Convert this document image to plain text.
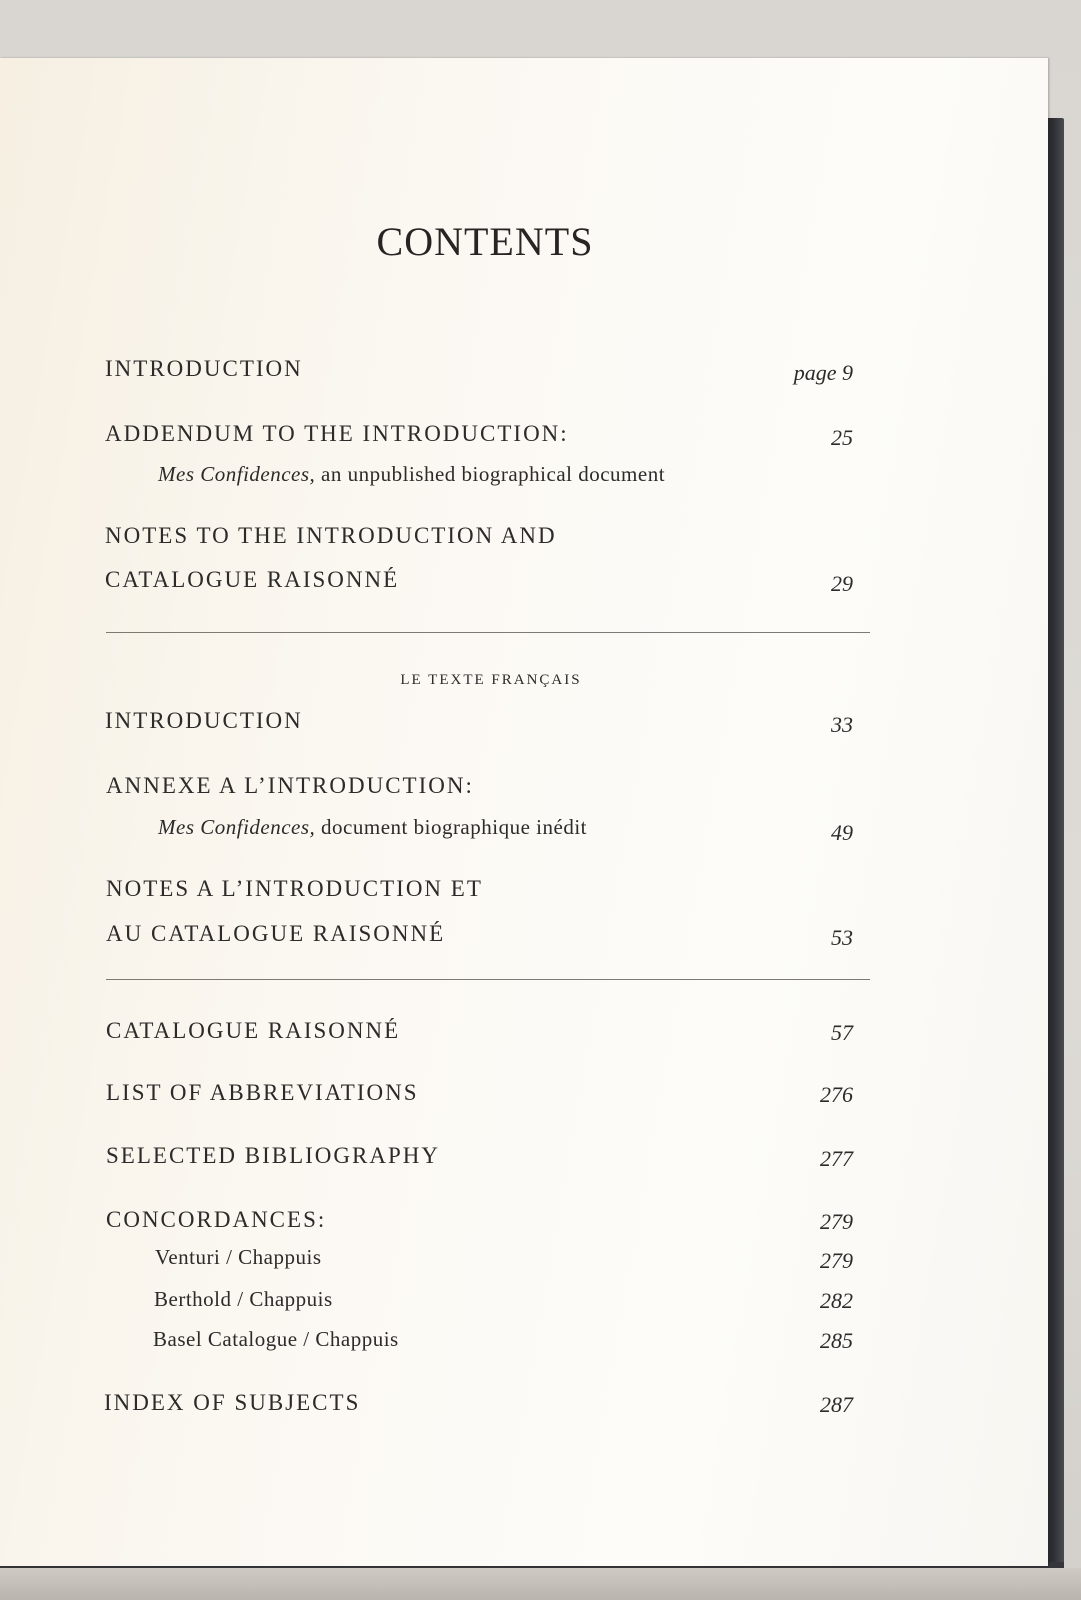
CONTENTS
INTRODUCTION	page 9
ADDENDUM TO THE INTRODUCTION:	25
Mes Confidences, an unpublished biographical document
NOTES TO THE INTRODUCTION AND
CATALOGUE RAISONNÉ	29
LE TEXTE FRANÇAIS
INTRODUCTION	33
ANNEXE A L’INTRODUCTION:
Mes Confidences, document biographique inédit	49
NOTES A L’INTRODUCTION ET
AU CATALOGUE RAISONNÉ	53
CATALOGUE RAISONNÉ	57
LIST OF ABBREVIATIONS	276
SELECTED BIBLIOGRAPHY	277
CONCORDANCES:	279
Venturi / Chappuis	279
Berthold / Chappuis	282
Basel Catalogue / Chappuis	285
INDEX OF SUBJECTS	287
